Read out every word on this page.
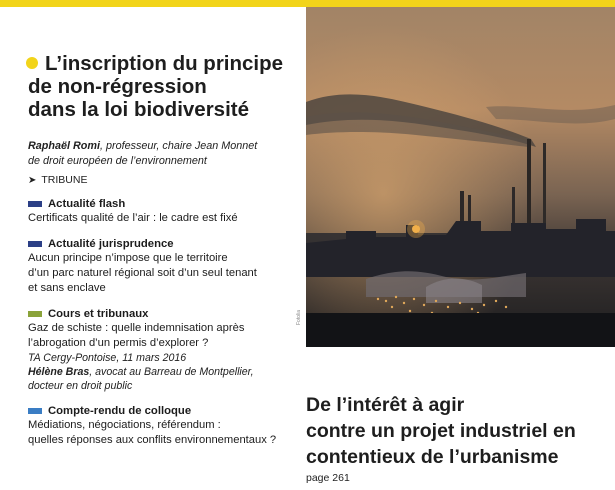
L’inscription du principe
de non-régression
dans la loi biodiversité
Raphaël Romi, professeur, chaire Jean Monnet
de droit européen de l’environnement
➤ TRIBUNE
Actualité flash
Certificats qualité de l’air : le cadre est fixé
Actualité jurisprudence
Aucun principe n’impose que le territoire
d’un parc naturel régional soit d’un seul tenant
et sans enclave
Cours et tribunaux
Gaz de schiste : quelle indemnisation après
l’abrogation d’un permis d’explorer ?
TA Cergy-Pontoise, 11 mars 2016
Hélène Bras, avocat au Barreau de Montpellier,
docteur en droit public
Compte-rendu de colloque
Médiations, négociations, référendum :
quelles réponses aux conflits environnementaux ?
Fotolia
De l’intérêt à agir
contre un projet industriel en
contentieux de l’urbanisme
page 261
